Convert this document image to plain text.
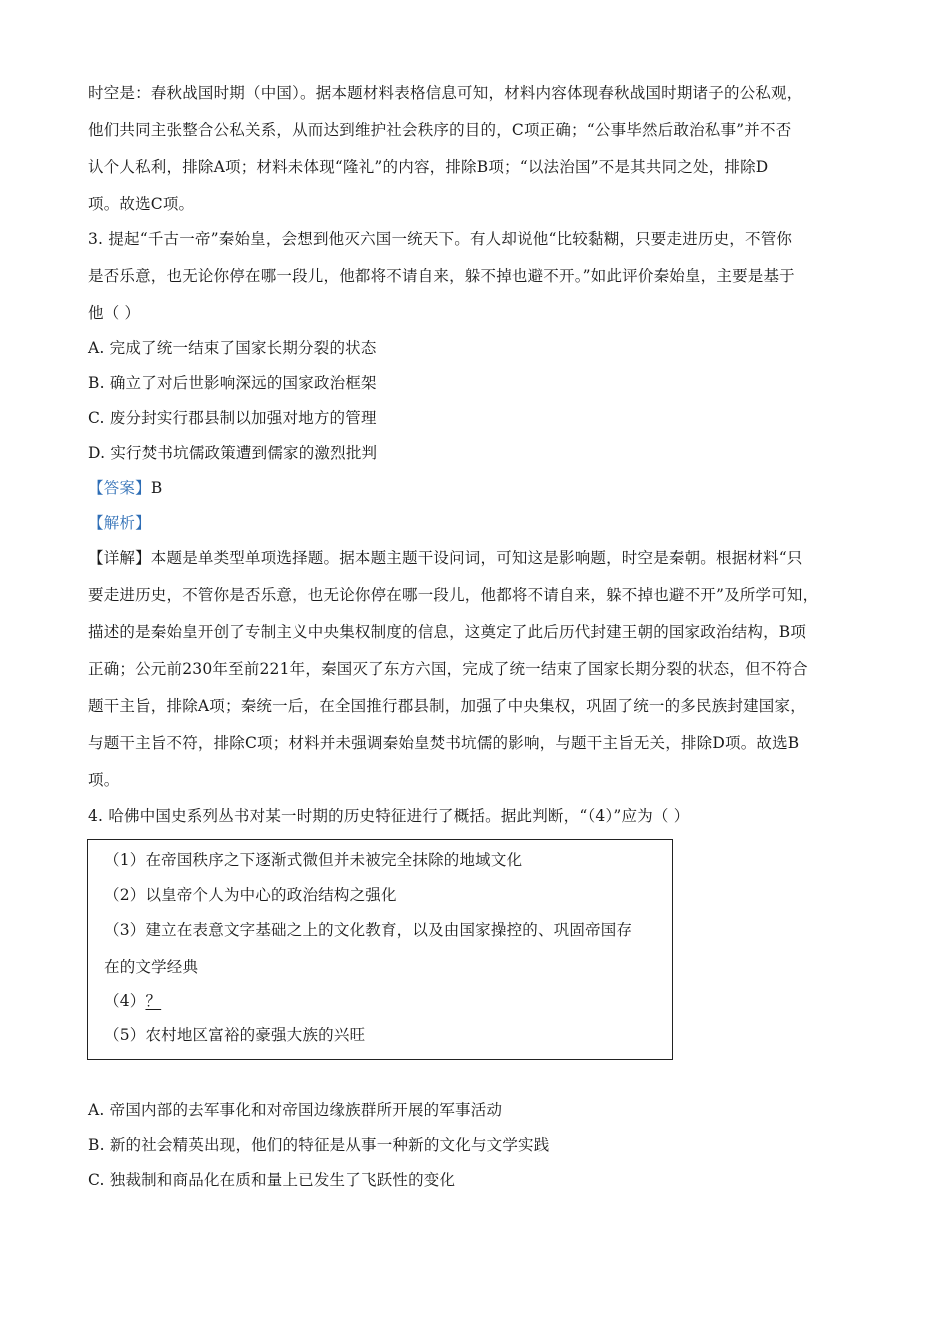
时空是：春秋战国时期（中国）。据本题材料表格信息可知，材料内容体现春秋战国时期诸子的公私观，
他们共同主张整合公私关系，从而达到维护社会秩序的目的，C项正确；“公事毕然后敢治私事”并不否
认个人私利，排除A项；材料未体现“隆礼”的内容，排除B项；“以法治国”不是其共同之处，排除D
项。故选C项。
3. 提起“千古一帝”秦始皇，会想到他灭六国一统天下。有人却说他“比较黏糊，只要走进历史，不管你
是否乐意，也无论你停在哪一段儿，他都将不请自来，躲不掉也避不开。”如此评价秦始皇，主要是基于
他（ ）
A. 完成了统一结束了国家长期分裂的状态
B. 确立了对后世影响深远的国家政治框架
C. 废分封实行郡县制以加强对地方的管理
D. 实行焚书坑儒政策遭到儒家的激烈批判
【答案】B
【解析】
【详解】本题是单类型单项选择题。据本题主题干设问词，可知这是影响题，时空是秦朝。根据材料“只
要走进历史，不管你是否乐意，也无论你停在哪一段儿，他都将不请自来，躲不掉也避不开”及所学可知，
描述的是秦始皇开创了专制主义中央集权制度的信息，这奠定了此后历代封建王朝的国家政治结构，B项
正确；公元前230年至前221年，秦国灭了东方六国，完成了统一结束了国家长期分裂的状态，但不符合
题干主旨，排除A项；秦统一后，在全国推行郡县制，加强了中央集权，巩固了统一的多民族封建国家，
与题干主旨不符，排除C项；材料并未强调秦始皇焚书坑儒的影响，与题干主旨无关，排除D项。故选B
项。
4. 哈佛中国史系列丛书对某一时期的历史特征进行了概括。据此判断，“（4）”应为（ ）
（1）在帝国秩序之下逐渐式微但并未被完全抹除的地域文化
（2）以皇帝个人为中心的政治结构之强化
（3）建立在表意文字基础之上的文化教育，以及由国家操控的、巩固帝国存
在的文学经典
（4）？
（5）农村地区富裕的豪强大族的兴旺
A. 帝国内部的去军事化和对帝国边缘族群所开展的军事活动
B. 新的社会精英出现，他们的特征是从事一种新的文化与文学实践
C. 独裁制和商品化在质和量上已发生了飞跃性的变化
